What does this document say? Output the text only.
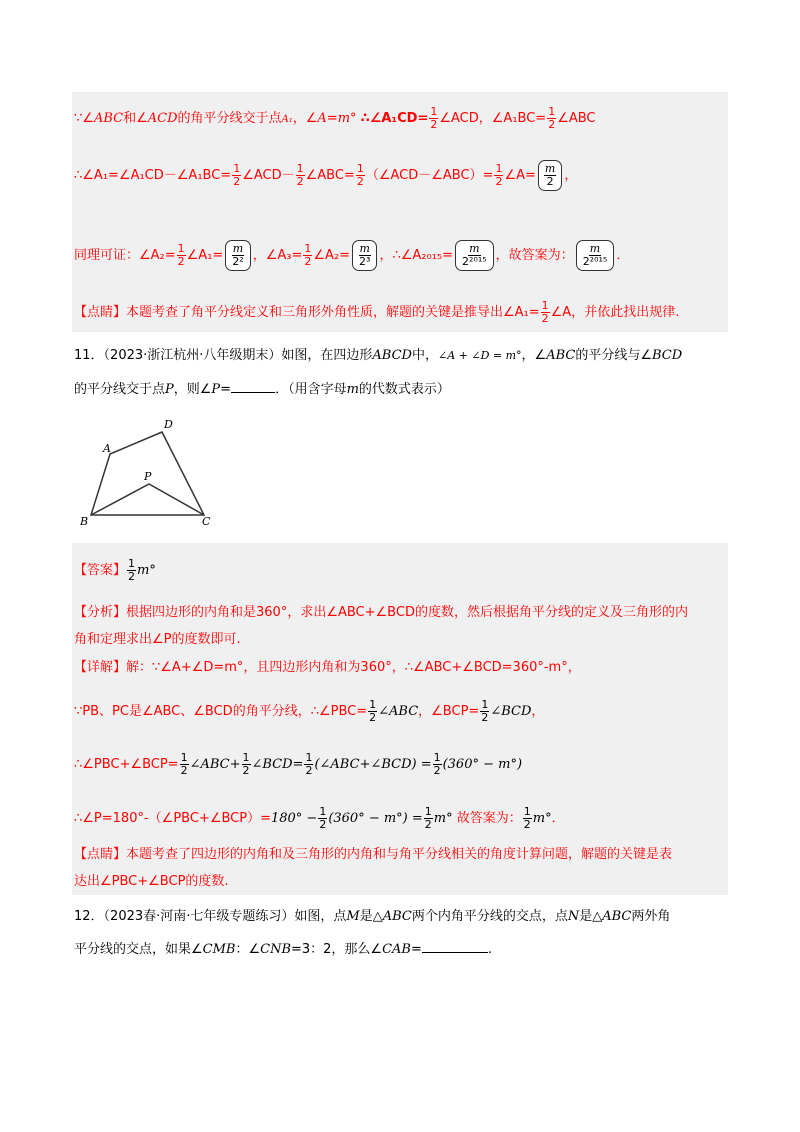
∵∠ABC和∠ACD的角平分线交于点A₁，∠A=m° ∴∠A₁CD= $\frac{1}{2}$ ∠ACD，∠A₁BC= $\frac{1}{2}$ ∠ABC
∴∠A₁=∠A₁CD－∠A₁BC= $\frac{1}{2}$ ∠ACD－ $\frac{1}{2}$ ∠ABC= $\frac{1}{2}$ （∠ACD－∠ABC）= $\frac{1}{2}$ ∠A= $\frac{m}{2}$ ，
同理可证：∠A₂= $\frac{1}{2}$ ∠A₁= $\frac{m}{\text{2²}}$ ，∠A₃= $\frac{1}{2}$ ∠A₂= $\frac{m}{\text{2³}}$ ，∴∠A₂₀₁₅= $\frac{m}{\text{2²⁰¹⁵}}$ ，故答案为： $\frac{m}{\text{2²⁰¹⁵}}$ ．
【点睛】本题考查了角平分线定义和三角形外角性质，解题的关键是推导出∠A₁= $\frac{1}{2}$ ∠A，并依此找出规律.
11．（2023·浙江杭州·八年级期末）如图，在四边形ABCD中，∠A + ∠D = m°，∠ABC的平分线与∠BCD
的平分线交于点P，则∠P=	．（用含字母m的代数式表示）
A
D
P
B	C
【答案】 $\frac{1}{2} m^\circ$
【分析】根据四边形的内角和是360°，求出∠ABC+∠BCD的度数，然后根据角平分线的定义及三角形的内
角和定理求出∠P的度数即可.
【详解】解：∵∠A+∠D=m°，且四边形内角和为360°，∴∠ABC+∠BCD=360°-m°，
∵PB、PC是∠ABC、∠BCD的角平分线，∴∠PBC= $\frac{1}{2}$ ∠ABC，∠BCP= $\frac{1}{2}$ ∠BCD，
∴∠PBC+∠BCP= $\frac{1}{2}$ ∠ABC+ $\frac{1}{2}$ ∠BCD= $\frac{1}{2}$ (∠ABC+∠BCD) = $\frac{1}{2} (360^\circ - m^\circ)$
∴∠P=180°-（∠PBC+∠BCP）=180° − $\frac{1}{2} (360^\circ - m^\circ) = \frac{1}{2} m^\circ$ 故答案为： $\frac{1}{2} m^\circ$．
【点睛】本题考查了四边形的内角和及三角形的内角和与角平分线相关的角度计算问题，解题的关键是表
达出∠PBC+∠BCP的度数.
12．（2023春·河南·七年级专题练习）如图，点M是△ABC两个内角平分线的交点，点N是△ABC两外角
平分线的交点，如果∠CMB：∠CNB=3：2，那么∠CAB=	.
